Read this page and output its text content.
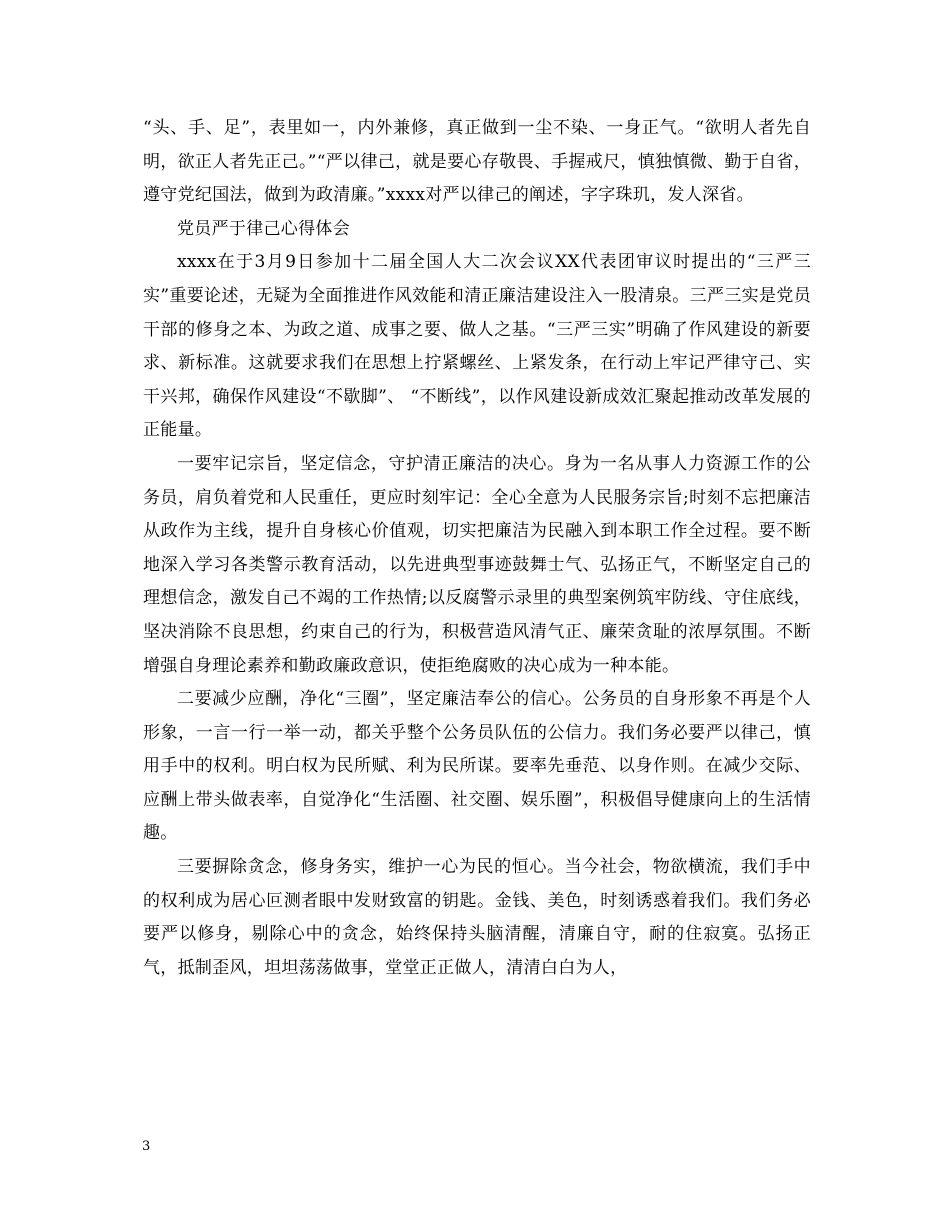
“头、手、足”，表里如一，内外兼修，真正做到一尘不染、一身正气。“欲明人者先自明，欲正人者先正己。”“严以律己，就是要心存敬畏、手握戒尺，慎独慎微、勤于自省，遵守党纪国法，做到为政清廉。”xxxx对严以律己的阐述，字字珠玑，发人深省。

党员严于律己心得体会

xxxx在于3月9日参加十二届全国人大二次会议XX代表团审议时提出的“三严三实”重要论述，无疑为全面推进作风效能和清正廉洁建设注入一股清泉。三严三实是党员干部的修身之本、为政之道、成事之要、做人之基。“三严三实”明确了作风建设的新要求、新标准。这就要求我们在思想上拧紧螺丝、上紧发条，在行动上牢记严律守己、实干兴邦，确保作风建设“不歇脚”、 “不断线”，以作风建设新成效汇聚起推动改革发展的正能量。

一要牢记宗旨，坚定信念，守护清正廉洁的决心。身为一名从事人力资源工作的公务员，肩负着党和人民重任，更应时刻牢记：全心全意为人民服务宗旨;时刻不忘把廉洁从政作为主线，提升自身核心价值观，切实把廉洁为民融入到本职工作全过程。要不断地深入学习各类警示教育活动，以先进典型事迹鼓舞士气、弘扬正气，不断坚定自己的理想信念，激发自己不竭的工作热情;以反腐警示录里的典型案例筑牢防线、守住底线，坚决消除不良思想，约束自己的行为，积极营造风清气正、廉荣贪耻的浓厚氛围。不断增强自身理论素养和勤政廉政意识，使拒绝腐败的决心成为一种本能。

二要减少应酬，净化“三圈”，坚定廉洁奉公的信心。公务员的自身形象不再是个人形象，一言一行一举一动，都关乎整个公务员队伍的公信力。我们务必要严以律己，慎用手中的权利。明白权为民所赋、利为民所谋。要率先垂范、以身作则。在减少交际、应酬上带头做表率，自觉净化“生活圈、社交圈、娱乐圈”，积极倡导健康向上的生活情趣。

三要摒除贪念，修身务实，维护一心为民的恒心。当今社会，物欲横流，我们手中的权利成为居心叵测者眼中发财致富的钥匙。金钱、美色，时刻诱惑着我们。我们务必要严以修身，剔除心中的贪念，始终保持头脑清醒，清廉自守，耐的住寂寞。弘扬正气，抵制歪风，坦坦荡荡做事，堂堂正正做人，清清白白为人，

3
